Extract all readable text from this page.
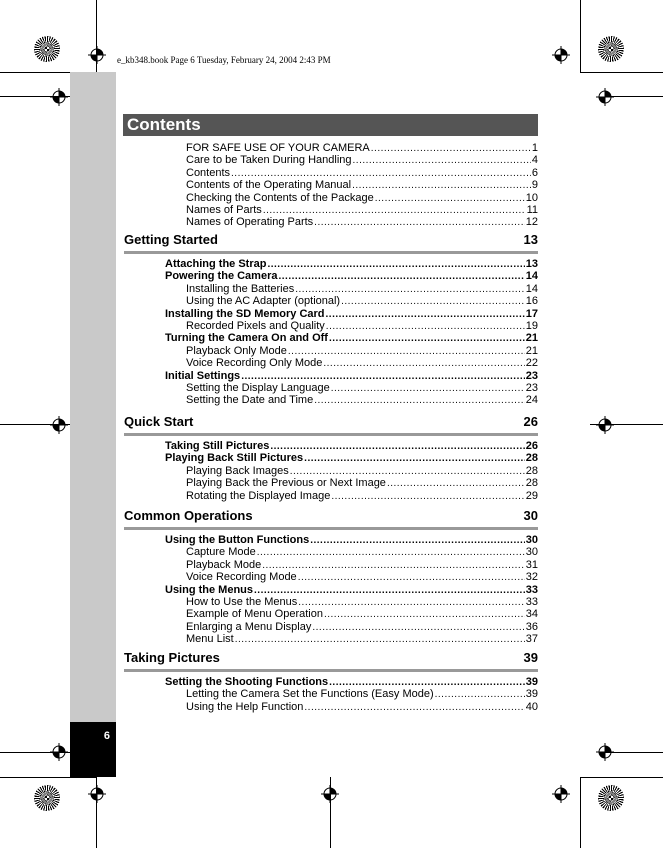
6
e_kb348.book Page 6 Tuesday, February 24, 2004 2:43 PM
Contents
FOR SAFE USE OF YOUR CAMERA .....	1
Care to be Taken During Handling .....	4
Contents .....	6
Contents of the Operating Manual .....	9
Checking the Contents of the Package .....	10
Names of Parts .....	11
Names of Operating Parts .....	12
Getting Started	13
Attaching the Strap .....	13
Powering the Camera .....	14
Installing the Batteries .....	14
Using the AC Adapter (optional) .....	16
Installing the SD Memory Card .....	17
Recorded Pixels and Quality .....	19
Turning the Camera On and Off .....	21
Playback Only Mode .....	21
Voice Recording Only Mode .....	22
Initial Settings .....	23
Setting the Display Language .....	23
Setting the Date and Time .....	24
Quick Start	26
Taking Still Pictures .....	26
Playing Back Still Pictures .....	28
Playing Back Images .....	28
Playing Back the Previous or Next Image .....	28
Rotating the Displayed Image .....	29
Common Operations	30
Using the Button Functions .....	30
Capture Mode .....	30
Playback Mode .....	31
Voice Recording Mode .....	32
Using the Menus .....	33
How to Use the Menus .....	33
Example of Menu Operation .....	34
Enlarging a Menu Display .....	36
Menu List .....	37
Taking Pictures	39
Setting the Shooting Functions .....	39
Letting the Camera Set the Functions (Easy Mode) .....	39
Using the Help Function .....	40
